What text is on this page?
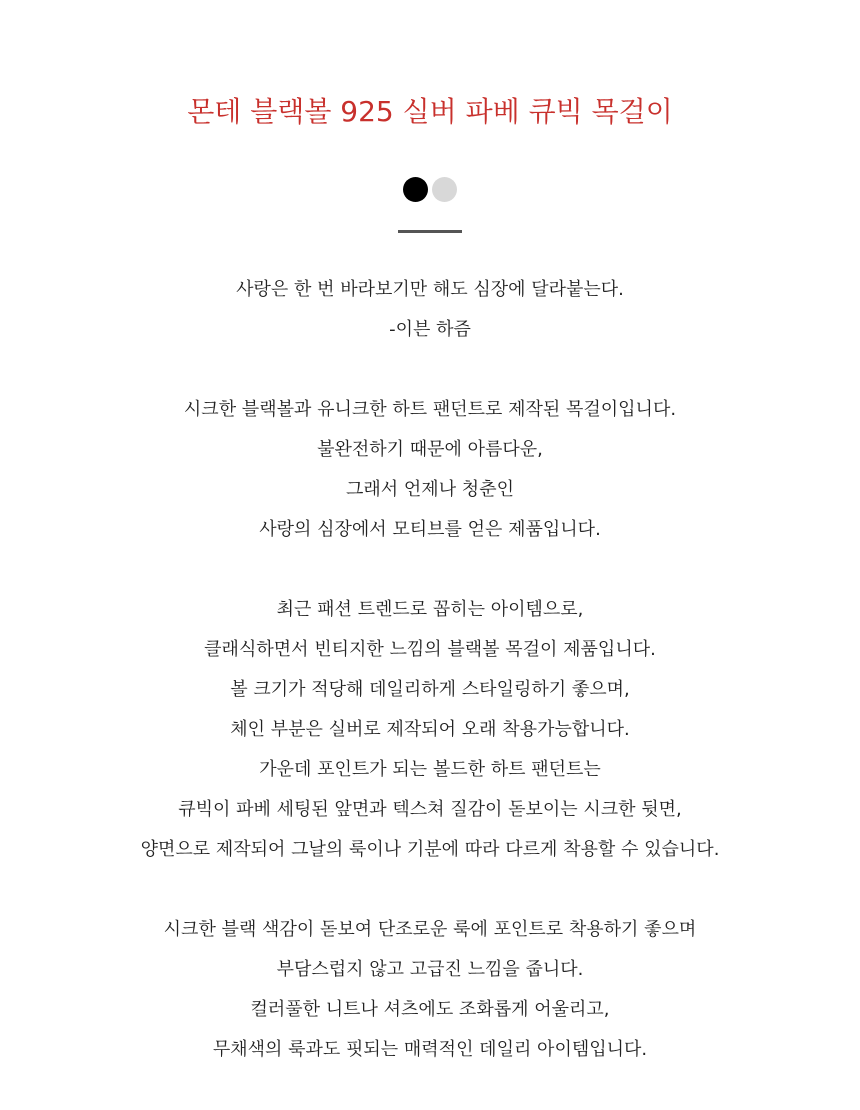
몬테 블랙볼 925 실버 파베 큐빅 목걸이

사랑은 한 번 바라보기만 해도 심장에 달라붙는다.
-이븐 하즘

시크한 블랙볼과 유니크한 하트 팬던트로 제작된 목걸이입니다.
불완전하기 때문에 아름다운,
그래서 언제나 청춘인
사랑의 심장에서 모티브를 얻은 제품입니다.

최근 패션 트렌드로 꼽히는 아이템으로,
클래식하면서 빈티지한 느낌의 블랙볼 목걸이 제품입니다.
볼 크기가 적당해 데일리하게 스타일링하기 좋으며,
체인 부분은 실버로 제작되어 오래 착용가능합니다.
가운데 포인트가 되는 볼드한 하트 팬던트는
큐빅이 파베 세팅된 앞면과 텍스쳐 질감이 돋보이는 시크한 뒷면,
양면으로 제작되어 그날의 룩이나 기분에 따라 다르게 착용할 수 있습니다.

시크한 블랙 색감이 돋보여 단조로운 룩에 포인트로 착용하기 좋으며
부담스럽지 않고 고급진 느낌을 줍니다.
컬러풀한 니트나 셔츠에도 조화롭게 어울리고,
무채색의 룩과도 핏되는 매력적인 데일리 아이템입니다.
